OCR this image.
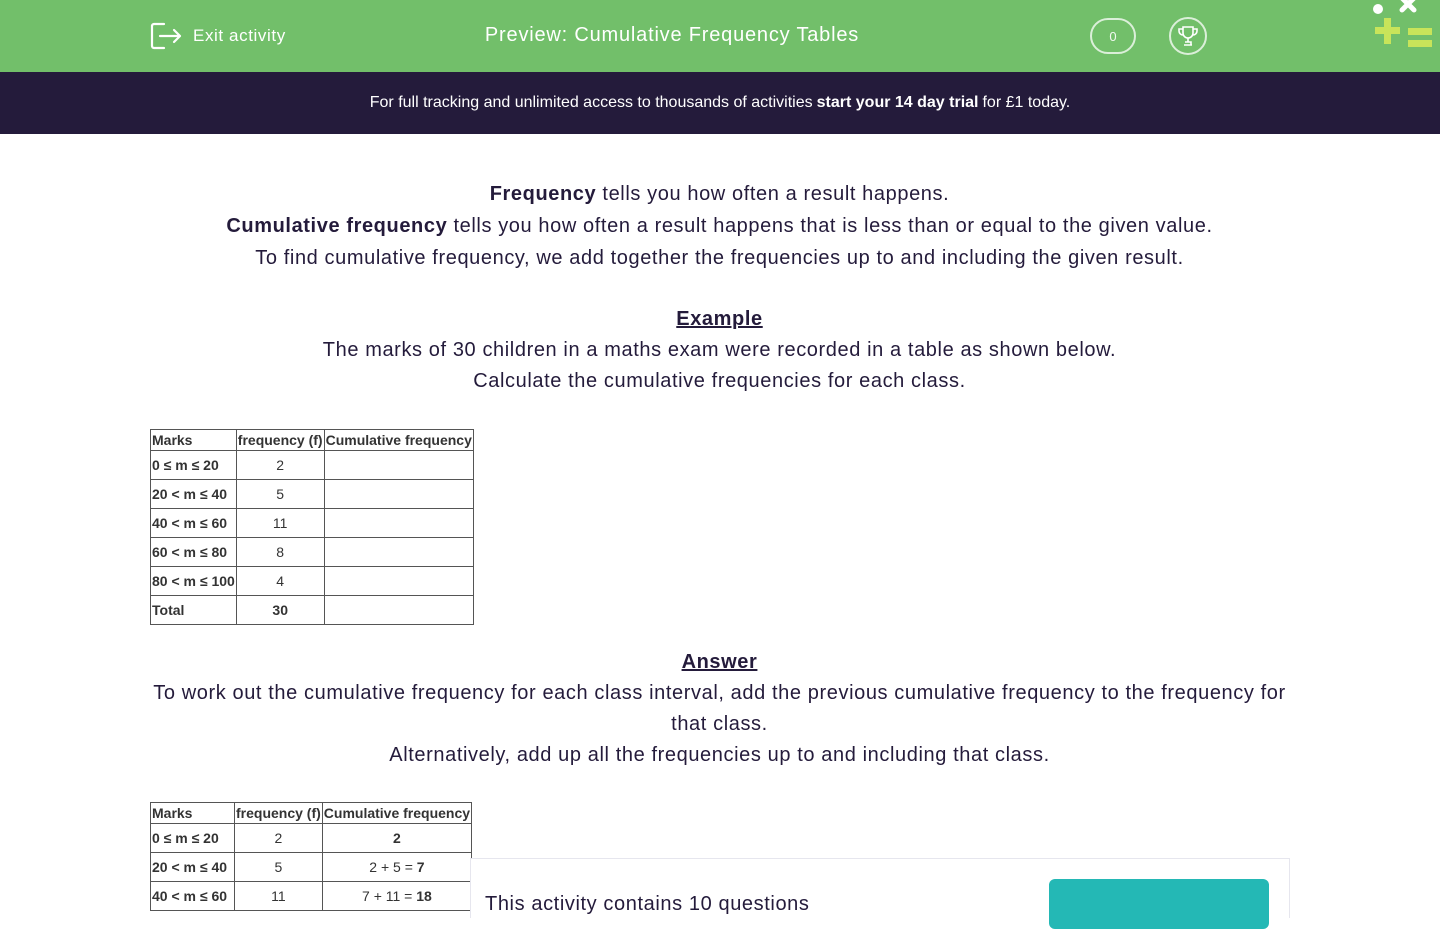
Exit activity	Preview: Cumulative Frequency Tables	0
For full tracking and unlimited access to thousands of activities start your 14 day trial for £1 today.
Frequency tells you how often a result happens.
Cumulative frequency tells you how often a result happens that is less than or equal to the given value.
To find cumulative frequency, we add together the frequencies up to and including the given result.
Example
The marks of 30 children in a maths exam were recorded in a table as shown below.
Calculate the cumulative frequencies for each class.
Marks	frequency (f)	Cumulative frequency
0 ≤ m ≤ 20	2	
20 < m ≤ 40	5	
40 < m ≤ 60	11	
60 < m ≤ 80	8	
80 < m ≤ 100	4	
Total	30	
Answer
To work out the cumulative frequency for each class interval, add the previous cumulative frequency to the frequency for that class.
Alternatively, add up all the frequencies up to and including that class.
Marks	frequency (f)	Cumulative frequency
0 ≤ m ≤ 20	2	2
20 < m ≤ 40	5	2 + 5 = 7
40 < m ≤ 60	11	7 + 11 = 18	This activity contains 10 questions
